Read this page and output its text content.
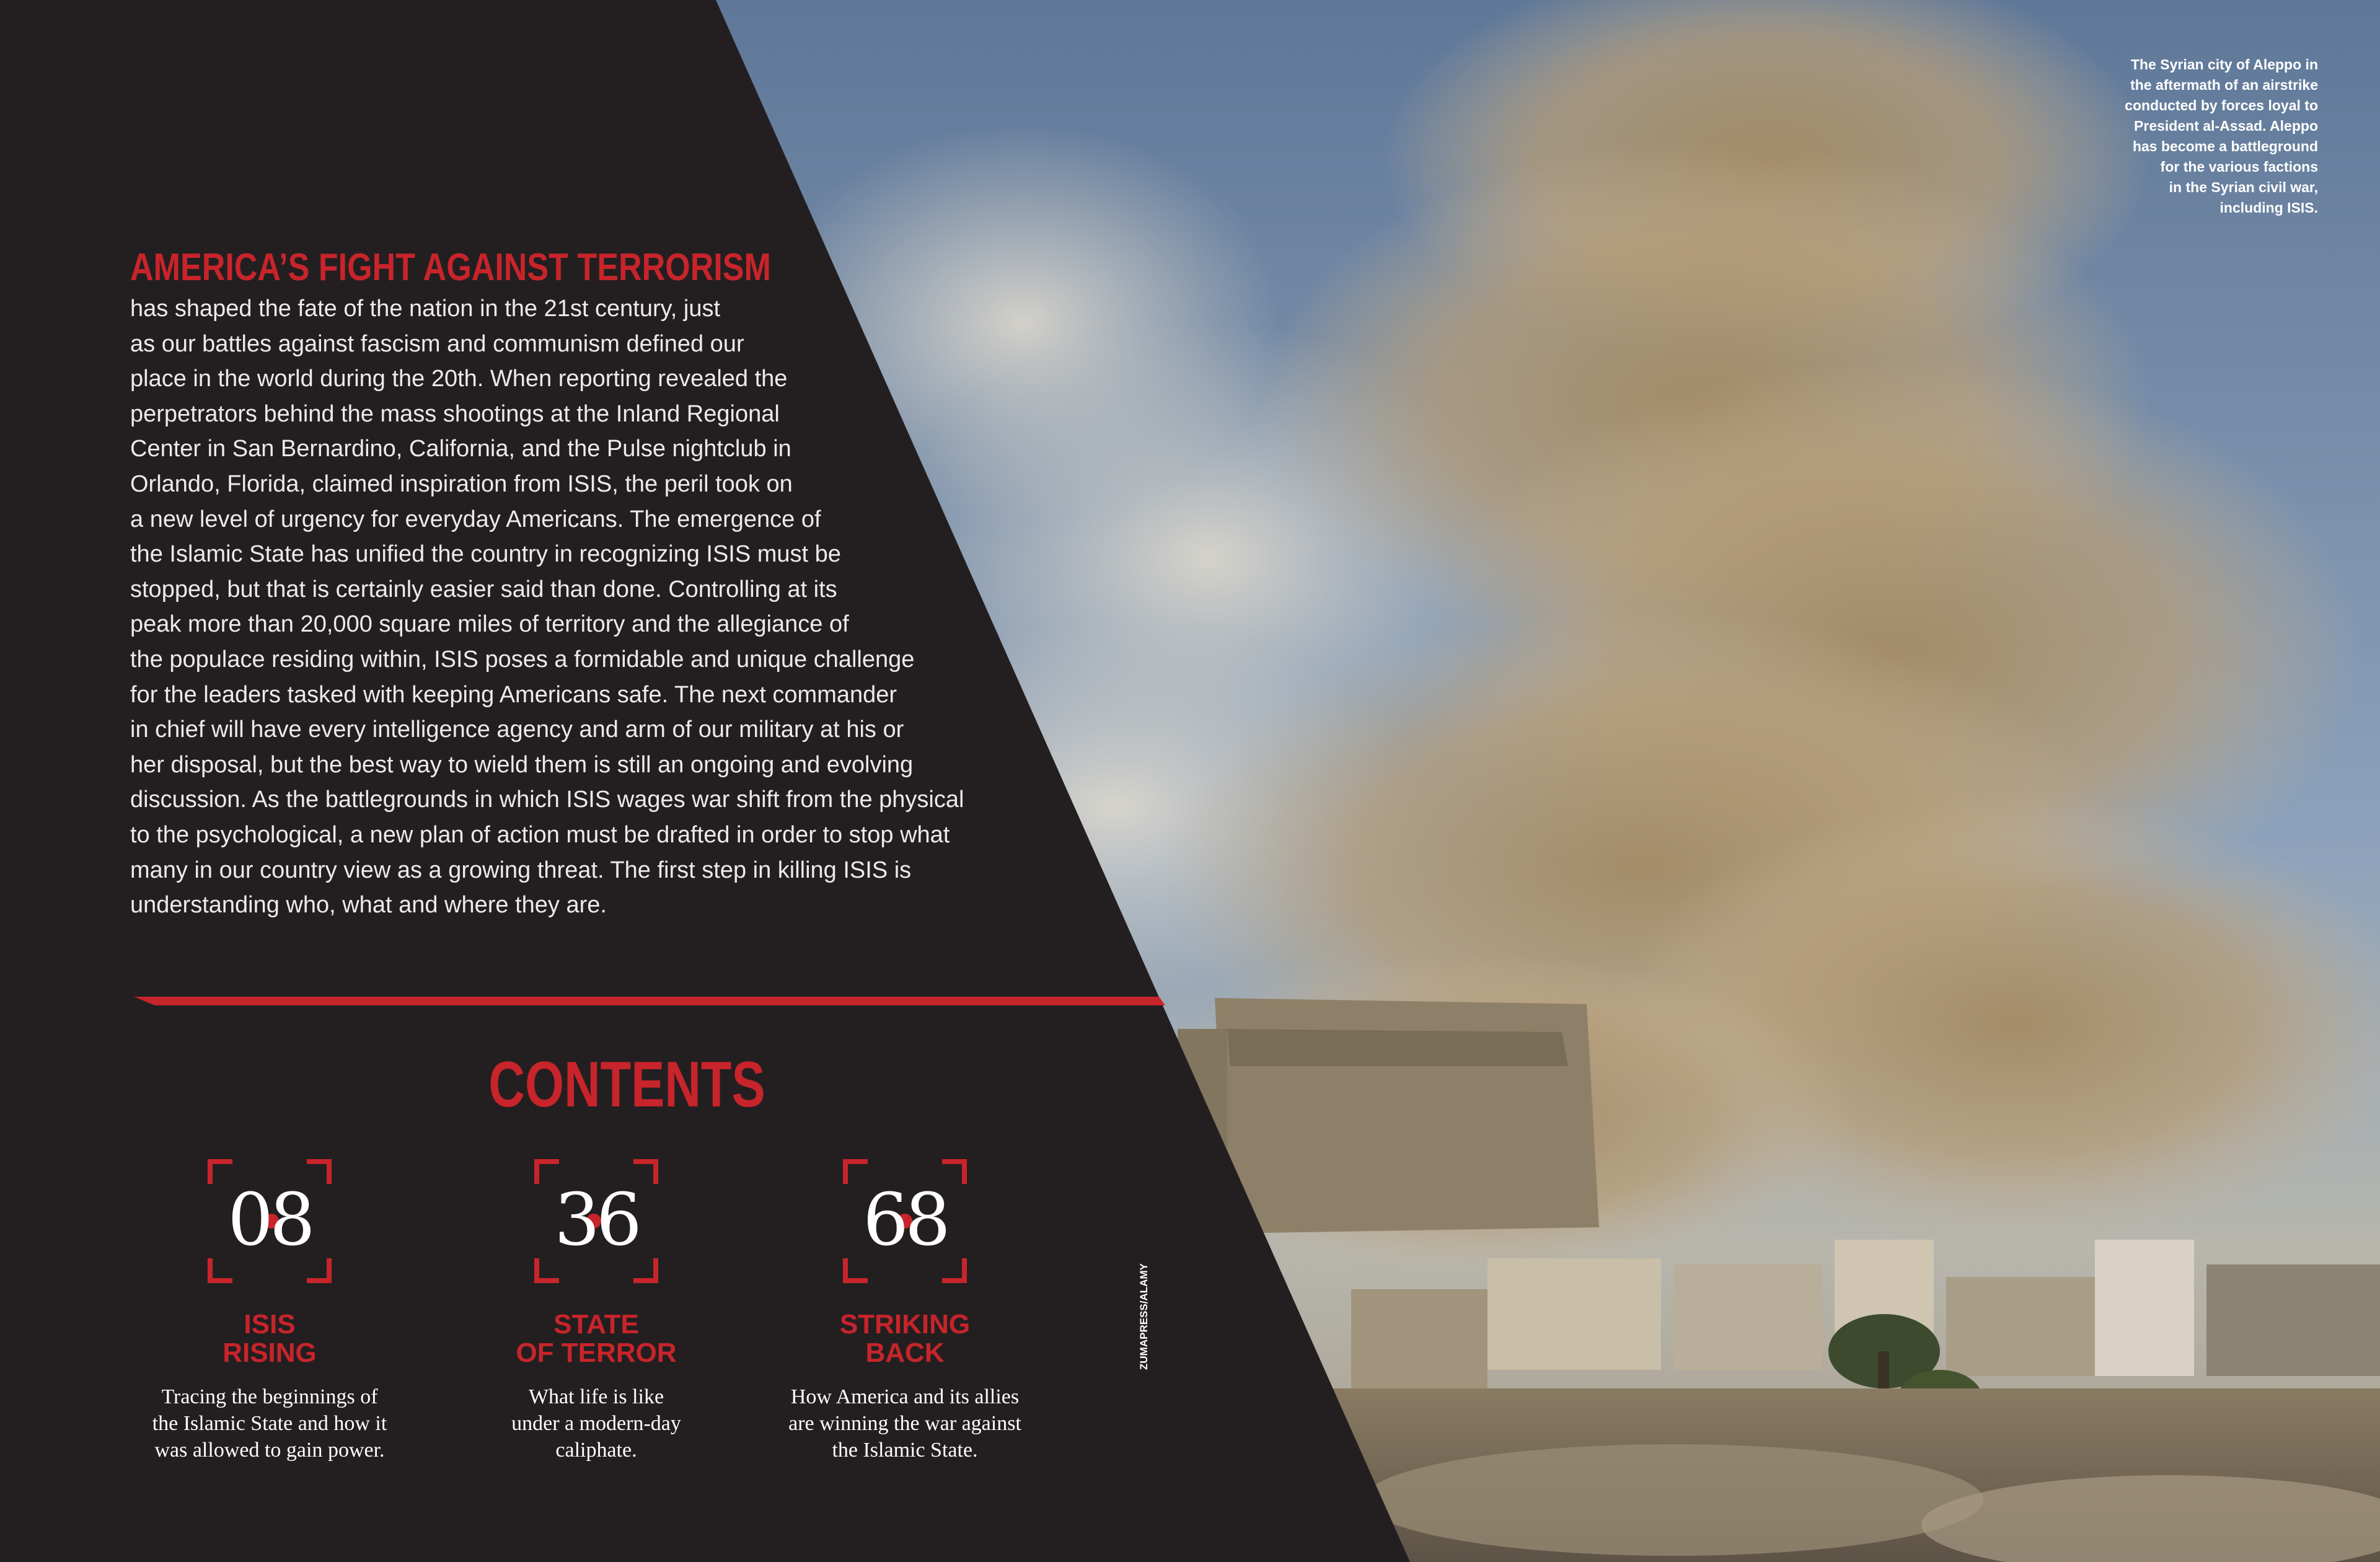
The Syrian city of Aleppo in
the aftermath of an airstrike
conducted by forces loyal to
President al-Assad. Aleppo
has become a battleground
for the various factions
in the Syrian civil war,
including ISIS.
AMERICA’S FIGHT AGAINST TERRORISM
has shaped the fate of the nation in the 21st century, just
as our battles against fascism and communism defined our
place in the world during the 20th. When reporting revealed the
perpetrators behind the mass shootings at the Inland Regional
Center in San Bernardino, California, and the Pulse nightclub in
Orlando, Florida, claimed inspiration from ISIS, the peril took on
a new level of urgency for everyday Americans. The emergence of
the Islamic State has unified the country in recognizing ISIS must be
stopped, but that is certainly easier said than done. Controlling at its
peak more than 20,000 square miles of territory and the allegiance of
the populace residing within, ISIS poses a formidable and unique challenge
for the leaders tasked with keeping Americans safe. The next commander
in chief will have every intelligence agency and arm of our military at his or
her disposal, but the best way to wield them is still an ongoing and evolving
discussion. As the battlegrounds in which ISIS wages war shift from the physical
to the psychological, a new plan of action must be drafted in order to stop what
many in our country view as a growing threat. The first step in killing ISIS is
understanding who, what and where they are.
CONTENTS
08
ISIS
RISING
Tracing the beginnings of
the Islamic State and how it
was allowed to gain power.
36
STATE
OF TERROR
What life is like
under a modern-day
caliphate.
68
STRIKING
BACK
How America and its allies
are winning the war against
the Islamic State.
ZUMAPRESS/ALAMY
